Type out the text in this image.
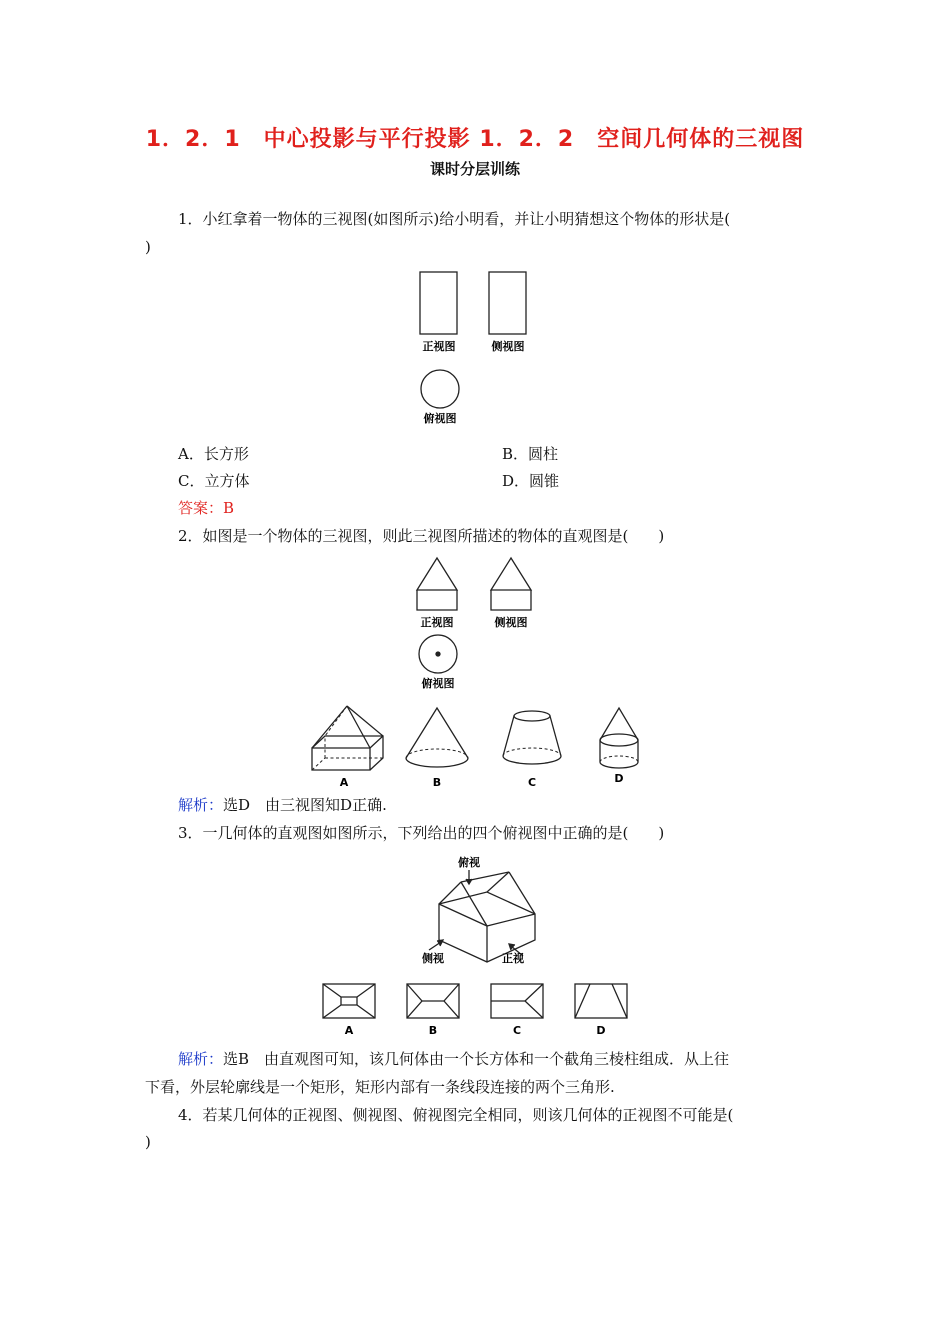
1．2．1　中心投影与平行投影 1．2．2　空间几何体的三视图
课时分层训练
1．小红拿着一物体的三视图(如图所示)给小明看，并让小明猜想这个物体的形状是(
)
正视图	侧视图
俯视图
A．长方形	B．圆柱
C．立方体	D．圆锥
答案：B
2．如图是一个物体的三视图，则此三视图所描述的物体的直观图是(　　)
正视图	侧视图
俯视图
A	B	C	D
解析：选D　由三视图知D正确.
3．一几何体的直观图如图所示，下列给出的四个俯视图中正确的是(　　)
俯视
侧视	正视
A	B	C	D
解析：选B　由直观图可知，该几何体由一个长方体和一个截角三棱柱组成．从上往
下看，外层轮廓线是一个矩形，矩形内部有一条线段连接的两个三角形.
4．若某几何体的正视图、侧视图、俯视图完全相同，则该几何体的正视图不可能是(
)
